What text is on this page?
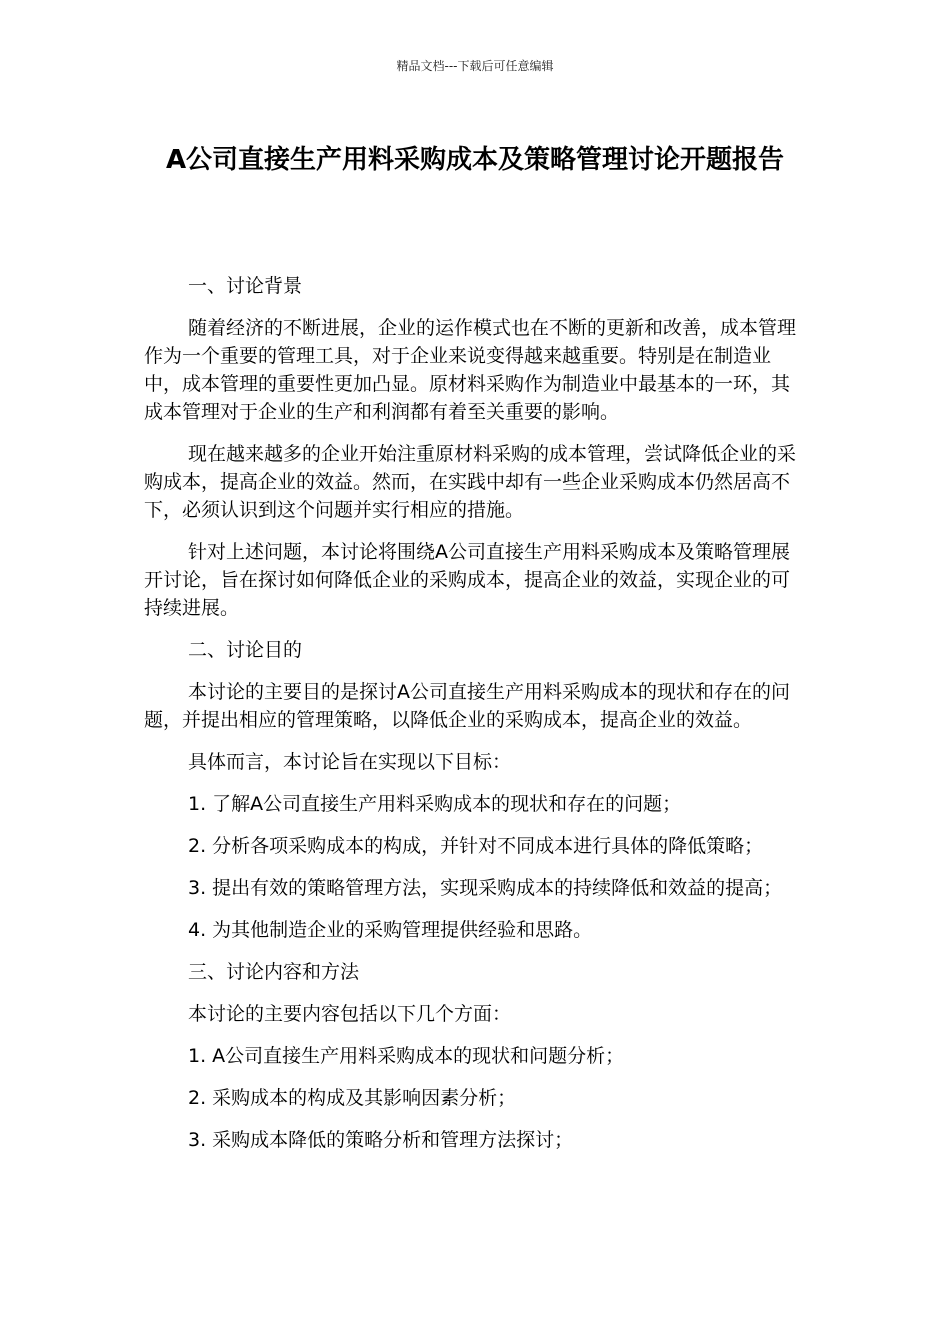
精品文档---下载后可任意编辑
A公司直接生产用料采购成本及策略管理讨论开题报告

一、讨论背景

随着经济的不断进展，企业的运作模式也在不断的更新和改善，成本管理作为一个重要的管理工具，对于企业来说变得越来越重要。特别是在制造业中，成本管理的重要性更加凸显。原材料采购作为制造业中最基本的一环，其成本管理对于企业的生产和利润都有着至关重要的影响。

现在越来越多的企业开始注重原材料采购的成本管理，尝试降低企业的采购成本，提高企业的效益。然而，在实践中却有一些企业采购成本仍然居高不下，必须认识到这个问题并实行相应的措施。

针对上述问题，本讨论将围绕A公司直接生产用料采购成本及策略管理展开讨论，旨在探讨如何降低企业的采购成本，提高企业的效益，实现企业的可持续进展。

二、讨论目的

本讨论的主要目的是探讨A公司直接生产用料采购成本的现状和存在的问题，并提出相应的管理策略，以降低企业的采购成本，提高企业的效益。

具体而言，本讨论旨在实现以下目标：

1. 了解A公司直接生产用料采购成本的现状和存在的问题；

2. 分析各项采购成本的构成，并针对不同成本进行具体的降低策略；

3. 提出有效的策略管理方法，实现采购成本的持续降低和效益的提高；

4. 为其他制造企业的采购管理提供经验和思路。

三、讨论内容和方法

本讨论的主要内容包括以下几个方面：

1. A公司直接生产用料采购成本的现状和问题分析；

2. 采购成本的构成及其影响因素分析；

3. 采购成本降低的策略分析和管理方法探讨；
